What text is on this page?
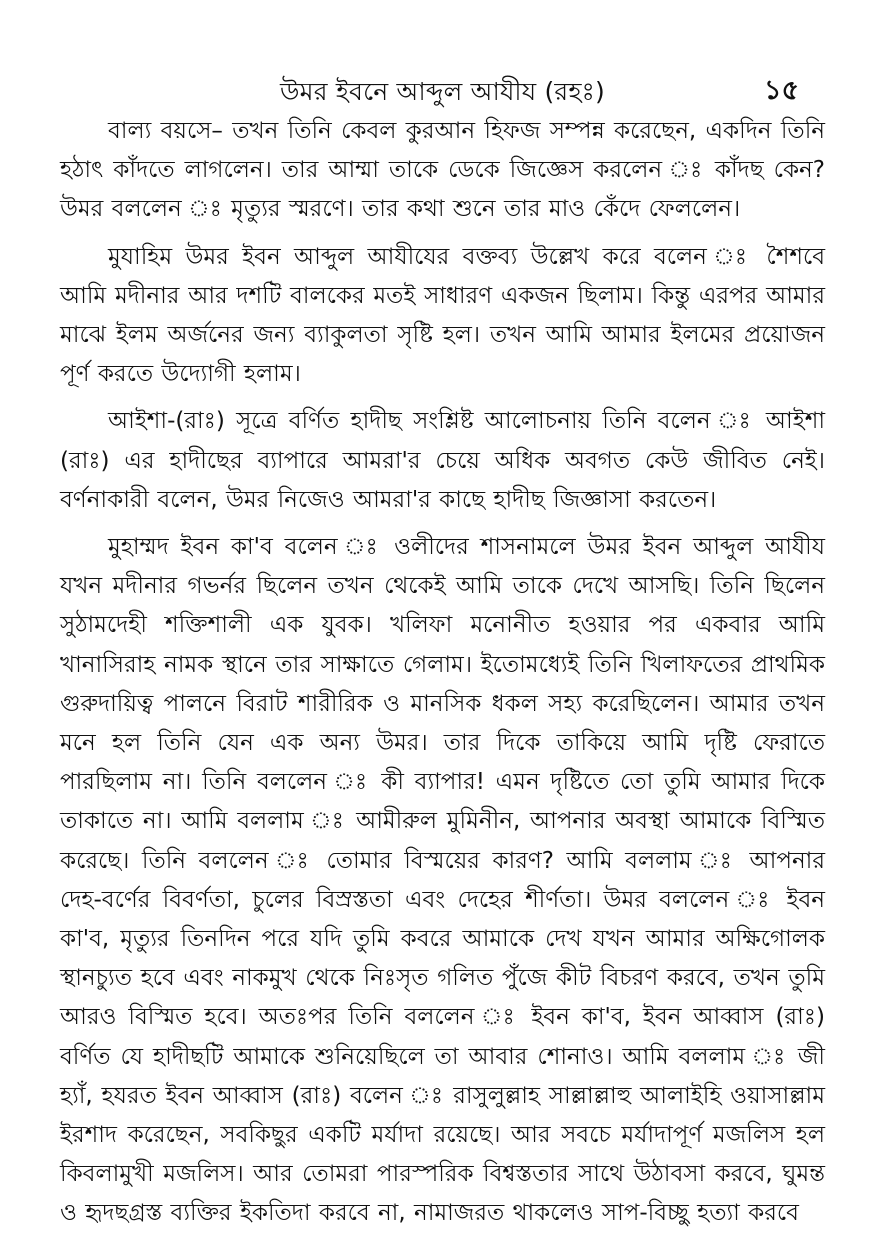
উমর ইবনে আব্দুল আযীয (রহঃ)	১৫

বাল্য বয়সে– তখন তিনি কেবল কুরআন হিফজ সম্পন্ন করেছেন, একদিন তিনি হঠাৎ কাঁদতে লাগলেন। তার আম্মা তাকে ডেকে জিজ্ঞেস করলেন ঃ কাঁদছ কেন? উমর বললেন ঃ মৃত্যুর স্মরণে। তার কথা শুনে তার মাও কেঁদে ফেললেন।

মুযাহিম উমর ইবন আব্দুল আযীযের বক্তব্য উল্লেখ করে বলেন ঃ শৈশবে আমি মদীনার আর দশটি বালকের মতই সাধারণ একজন ছিলাম। কিন্তু এরপর আমার মাঝে ইলম অর্জনের জন্য ব্যাকুলতা সৃষ্টি হল। তখন আমি আমার ইলমের প্রয়োজন পূর্ণ করতে উদ্যোগী হলাম।

আইশা-(রাঃ) সূত্রে বর্ণিত হাদীছ সংশ্লিষ্ট আলোচনায় তিনি বলেন ঃ আইশা (রাঃ) এর হাদীছের ব্যাপারে আমরা'র চেয়ে অধিক অবগত কেউ জীবিত নেই। বর্ণনাকারী বলেন, উমর নিজেও আমরা'র কাছে হাদীছ জিজ্ঞাসা করতেন।

মুহাম্মদ ইবন কা'ব বলেন ঃ ওলীদের শাসনামলে উমর ইবন আব্দুল আযীয যখন মদীনার গভর্নর ছিলেন তখন থেকেই আমি তাকে দেখে আসছি। তিনি ছিলেন সুঠামদেহী শক্তিশালী এক যুবক। খলিফা মনোনীত হওয়ার পর একবার আমি খানাসিরাহ নামক স্থানে তার সাক্ষাতে গেলাম। ইতোমধ্যেই তিনি খিলাফতের প্রাথমিক গুরুদায়িত্ব পালনে বিরাট শারীরিক ও মানসিক ধকল সহ্য করেছিলেন। আমার তখন মনে হল তিনি যেন এক অন্য উমর। তার দিকে তাকিয়ে আমি দৃষ্টি ফেরাতে পারছিলাম না। তিনি বললেন ঃ কী ব্যাপার! এমন দৃষ্টিতে তো তুমি আমার দিকে তাকাতে না। আমি বললাম ঃ আমীরুল মুমিনীন, আপনার অবস্থা আমাকে বিস্মিত করেছে। তিনি বললেন ঃ তোমার বিস্ময়ের কারণ? আমি বললাম ঃ আপনার দেহ-বর্ণের বিবর্ণতা, চুলের বিস্রস্ততা এবং দেহের শীর্ণতা। উমর বললেন ঃ ইবন কা'ব, মৃত্যুর তিনদিন পরে যদি তুমি কবরে আমাকে দেখ যখন আমার অক্ষিগোলক স্থানচ্যুত হবে এবং নাকমুখ থেকে নিঃসৃত গলিত পুঁজে কীট বিচরণ করবে, তখন তুমি আরও বিস্মিত হবে। অতঃপর তিনি বললেন ঃ ইবন কা'ব, ইবন আব্বাস (রাঃ) বর্ণিত যে হাদীছটি আমাকে শুনিয়েছিলে তা আবার শোনাও। আমি বললাম ঃ জী হ্যাঁ, হযরত ইবন আব্বাস (রাঃ) বলেন ঃ রাসুলুল্লাহ সাল্লাল্লাহু আলাইহি ওয়াসাল্লাম ইরশাদ করেছেন, সবকিছুর একটি মর্যাদা রয়েছে। আর সবচে মর্যাদাপূর্ণ মজলিস হল কিবলামুখী মজলিস। আর তোমরা পারস্পরিক বিশ্বস্ততার সাথে উঠাবসা করবে, ঘুমন্ত ও হৃদছগ্রস্ত ব্যক্তির ইকতিদা করবে না, নামাজরত থাকলেও সাপ-বিচ্ছু হত্যা করবে
